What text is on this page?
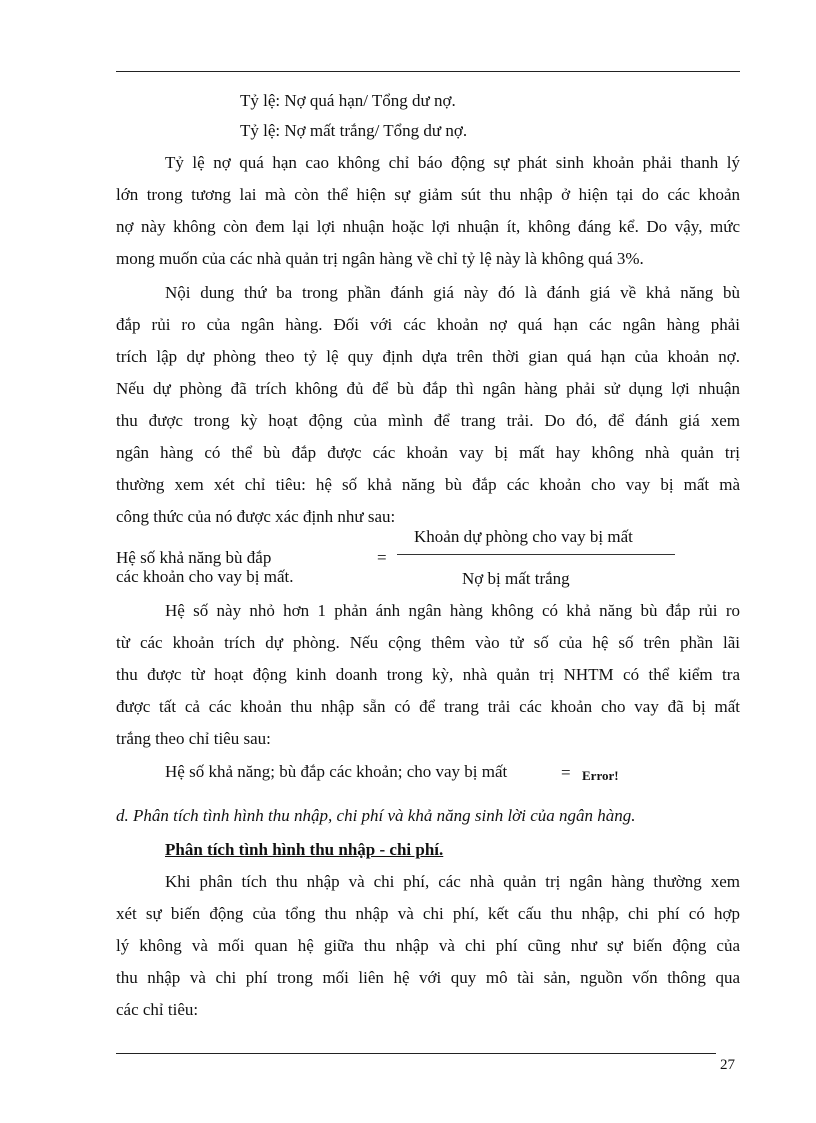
Tỷ lệ: Nợ quá hạn/ Tổng dư nợ.
Tỷ lệ: Nợ mất trắng/ Tổng dư nợ.
Tỷ lệ nợ quá hạn cao không chỉ báo động sự phát sinh khoản phải thanh lý
lớn trong tương lai mà còn thể hiện sự giảm sút thu nhập ở hiện tại do các khoản
nợ này không còn đem lại lợi nhuận hoặc lợi nhuận ít, không đáng kể. Do vậy, mức
mong muốn của các nhà quản trị ngân hàng về chỉ tỷ lệ này là không quá 3%.
Nội dung thứ ba trong phần đánh giá này đó là đánh giá về khả năng bù
đắp rủi ro của ngân hàng. Đối với các khoản nợ quá hạn các ngân hàng phải
trích lập dự phòng theo tỷ lệ quy định dựa trên thời gian quá hạn của khoản nợ.
Nếu dự phòng đã trích không đủ để bù đắp thì ngân hàng phải sử dụng lợi nhuận
thu được trong kỳ hoạt động của mình để trang trải. Do đó, để đánh giá xem
ngân hàng có thể bù đắp được các khoản vay bị mất hay không nhà quản trị
thường xem xét chỉ tiêu: hệ số khả năng bù đắp các khoản cho vay bị mất mà
công thức của nó được xác định như sau:
Hệ số khả năng bù đắp
các khoản cho vay bị mất.
=
Khoản dự phòng cho vay bị mất
Nợ bị mất trắng
Hệ số này nhỏ hơn 1 phản ánh ngân hàng không có khả năng bù đắp rủi ro
từ các khoản trích dự phòng. Nếu cộng thêm vào tử số của hệ số trên phần lãi
thu được từ hoạt động kinh doanh trong kỳ, nhà quản trị NHTM có thể kiểm tra
được tất cả các khoản thu nhập sẵn có để trang trải các khoản cho vay đã bị mất
trắng theo chỉ tiêu sau:
Hệ số khả năng; bù đắp các khoản; cho vay bị mất	= Error!
d. Phân tích tình hình thu nhập, chi phí và khả năng sinh lời của ngân hàng.
Phân tích tình hình thu nhập - chi phí.
Khi phân tích thu nhập và chi phí, các nhà quản trị ngân hàng thường xem
xét sự biến động của tổng thu nhập và chi phí, kết cấu thu nhập, chi phí có hợp
lý không và mối quan hệ giữa thu nhập và chi phí cũng như sự biến động của
thu nhập và chi phí trong mối liên hệ với quy mô tài sản, nguồn vốn thông qua
các chỉ tiêu:
27
